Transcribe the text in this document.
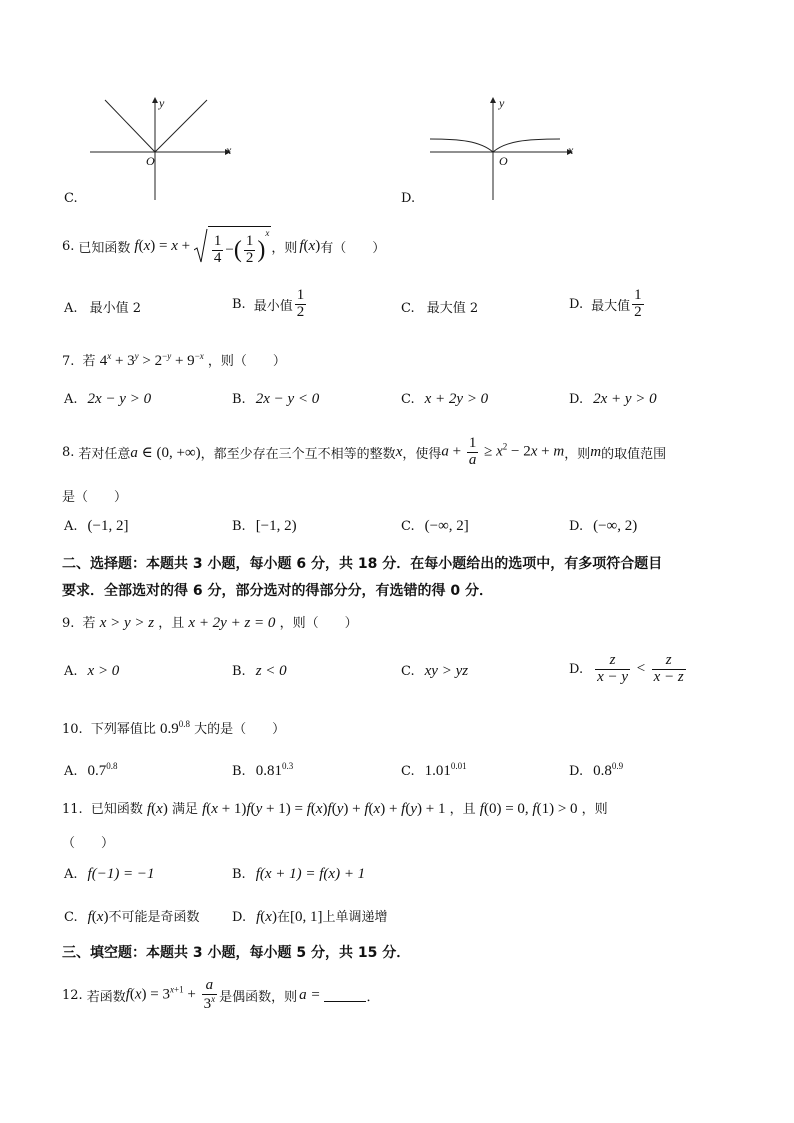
y
x
O
C.
y
x
O
D.
6. 已知函数 $f(x) = x + \frac{1}{4}$ −( $\frac{1}{2} )^x$
，则 f(x) 有（　　）
A. 最小值 2	B. 最小值 $\frac{1}{2}$	C. 最大值 2	D. 最大值 $\frac{1}{2}$
7. 若 $4^x + 3^y > 2^{-y} + 9^{-x}$ ，则（　　）
A. 2x − y > 0	B. 2x − y < 0	C. x + 2y > 0	D. 2x + y > 0
8. 若对任意 a ∈ (0, +∞) ，都至少存在三个互不相等的整数 x ，使得 $a + \frac{1}{a} \ge x^2 - 2x + m$ ，则 m 的取值范围
是（　　）
A. (−1, 2]	B. [−1, 2)	C. (−∞, 2]	D. (−∞, 2)
二、选择题：本题共 3 小题，每小题 6 分，共 18 分．在每小题给出的选项中，有多项符合题目
要求．全部选对的得 6 分，部分选对的得部分分，有选错的得 0 分．
9. 若 x > y > z ，且 x + 2y + z = 0 ，则（　　）
A. x > 0	B. z < 0	C. xy > yz	D. $\frac{z}{x - y} < \frac{z}{x - z}$
10. 下列幂值比 $0.9^{0.8}$ 大的是（　　）
A. $0.7^{0.8}$	B. $0.81^{0.3}$	C. $1.01^{0.01}$	D. $0.8^{0.9}$
11. 已知函数 f(x) 满足 f(x + 1)f(y + 1) = f(x)f(y) + f(x) + f(y) + 1 ，且 f(0) = 0, f(1) > 0 ，则
（　　）
A. f(−1) = −1	B. f(x + 1) = f(x) + 1
C. f(x)不可能是奇函数	D. f(x)在[0, 1]上单调递增
三、填空题：本题共 3 小题，每小题 5 分，共 15 分．
12. 若函数 $f(x) = 3^{x+1} + \frac{a}{3^x}$ 是偶函数，则 a =	．
